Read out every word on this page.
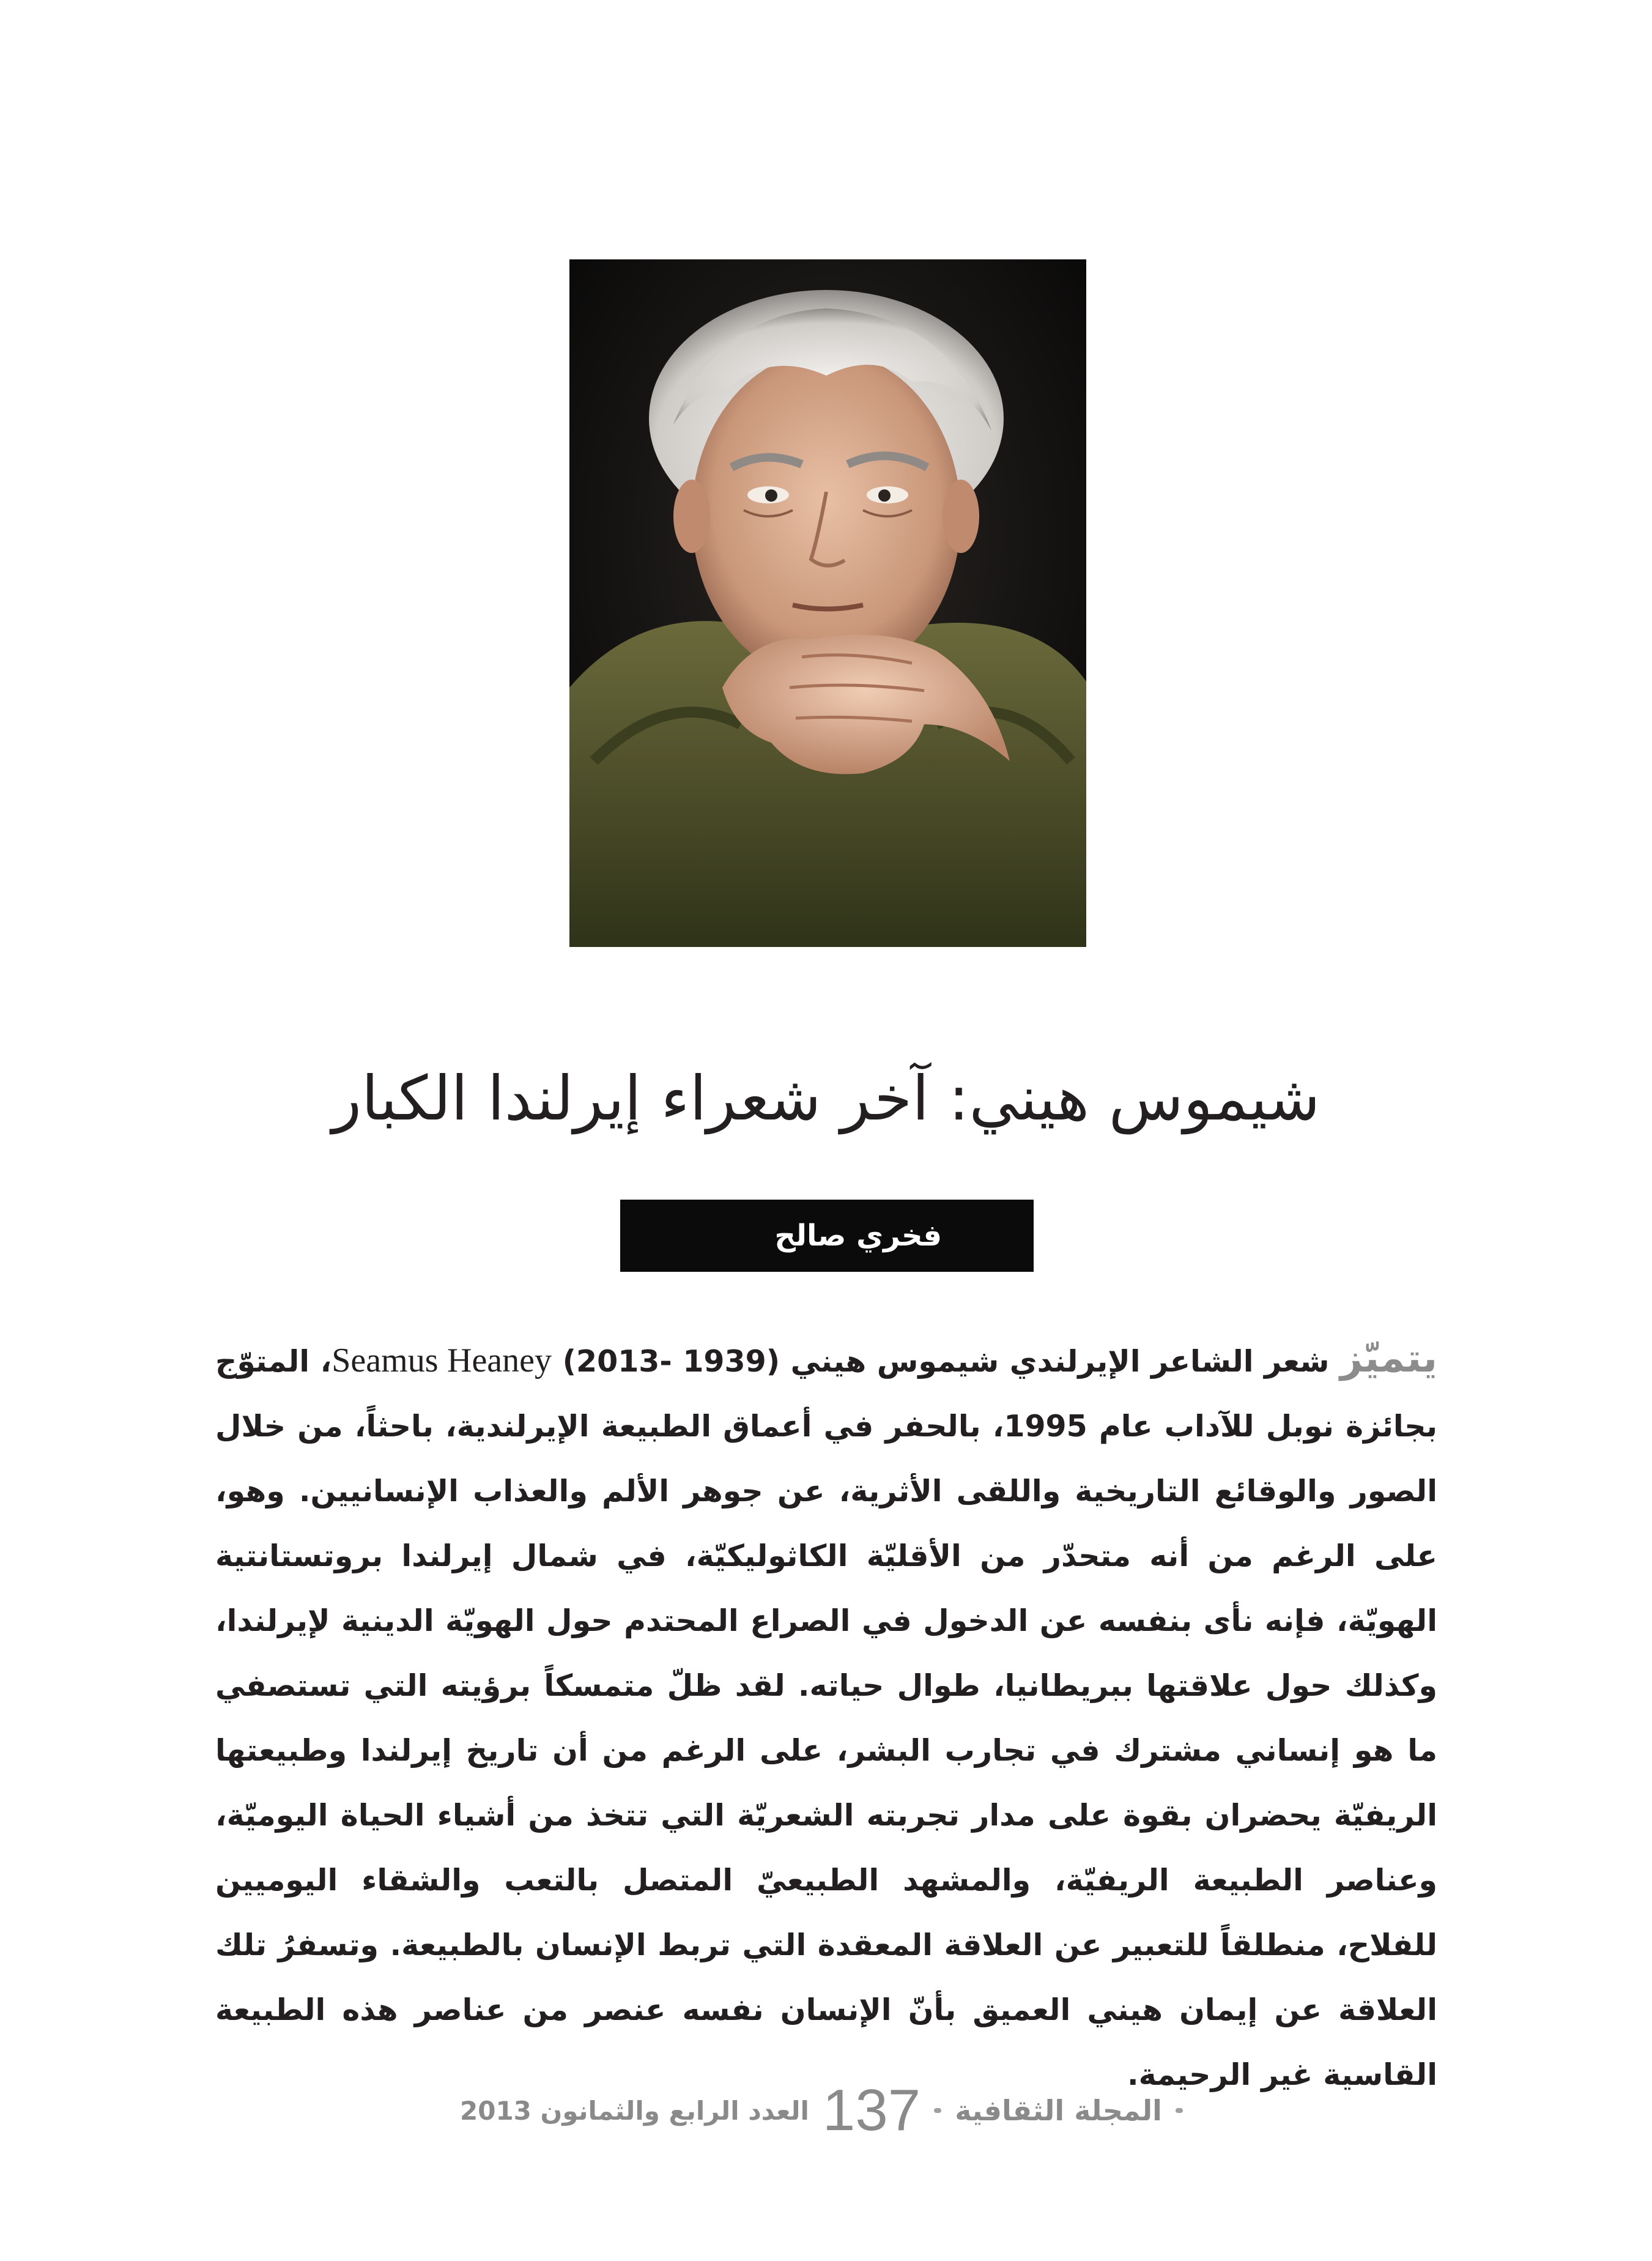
شيموس هيني: آخر شعراء إيرلندا الكبار
فخري صالح
يتميّز شعر الشاعر الإيرلندي شيموس هيني (1939 -2013) Seamus Heaney، المتوّج بجائزة نوبل للآداب عام 1995، بالحفر في أعماق الطبيعة الإيرلندية، باحثاً، من خلال الصور والوقائع التاريخية واللقى الأثرية، عن جوهر الألم والعذاب الإنسانيين. وهو، على الرغم من أنه متحدّر من الأقليّة الكاثوليكيّة، في شمال إيرلندا بروتستانتية الهويّة، فإنه نأى بنفسه عن الدخول في الصراع المحتدم حول الهويّة الدينية لإيرلندا، وكذلك حول علاقتها ببريطانيا، طوال حياته. لقد ظلّ متمسكاً برؤيته التي تستصفي ما هو إنساني مشترك في تجارب البشر، على الرغم من أن تاريخ إيرلندا وطبيعتها الريفيّة يحضران بقوة على مدار تجربته الشعريّة التي تتخذ من أشياء الحياة اليوميّة، وعناصر الطبيعة الريفيّة، والمشهد الطبيعيّ المتصل بالتعب والشقاء اليوميين للفلاح، منطلقاً للتعبير عن العلاقة المعقدة التي تربط الإنسان بالطبيعة. وتسفرُ تلك العلاقة عن إيمان هيني العميق بأنّ الإنسان نفسه عنصر من عناصر هذه الطبيعة القاسية غير الرحيمة.
المجلة الثقافية
137
العدد الرابع والثمانون 2013
